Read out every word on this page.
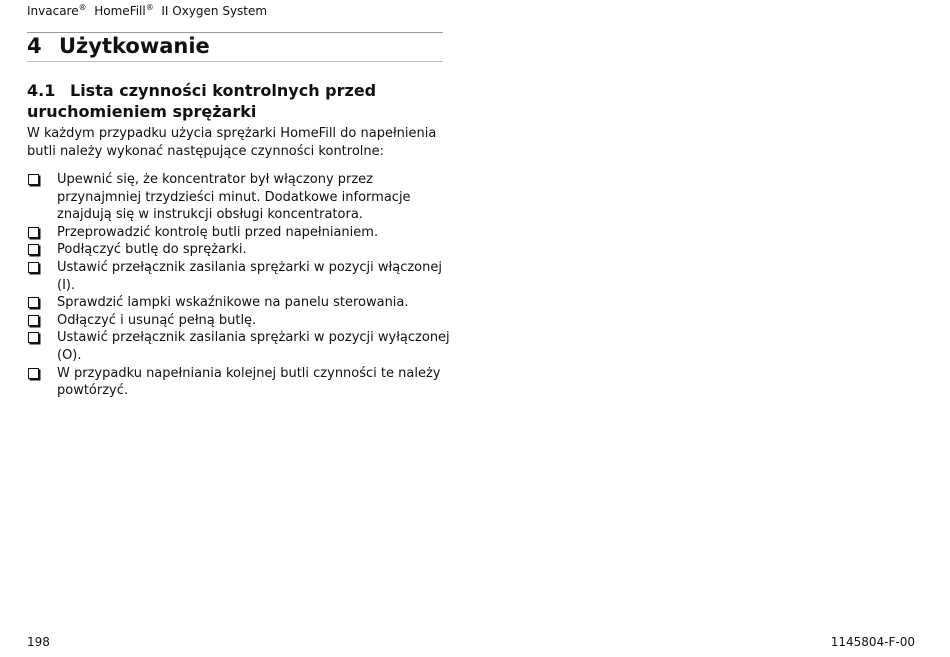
Invacare® HomeFill® II Oxygen System
4 Użytkowanie
4.1 Lista czynności kontrolnych przed uruchomieniem sprężarki

W każdym przypadku użycia sprężarki HomeFill do napełnienia butli należy wykonać następujące czynności kontrolne:

Upewnić się, że koncentrator był włączony przez przynajmniej trzydzieści minut. Dodatkowe informacje znajdują się w instrukcji obsługi koncentratora.
Przeprowadzić kontrolę butli przed napełnianiem.
Podłączyć butlę do sprężarki.
Ustawić przełącznik zasilania sprężarki w pozycji włączonej (I).
Sprawdzić lampki wskaźnikowe na panelu sterowania.
Odłączyć i usunąć pełną butlę.
Ustawić przełącznik zasilania sprężarki w pozycji wyłączonej (O).
W przypadku napełniania kolejnej butli czynności te należy powtórzyć.
198	1145804-F-00
